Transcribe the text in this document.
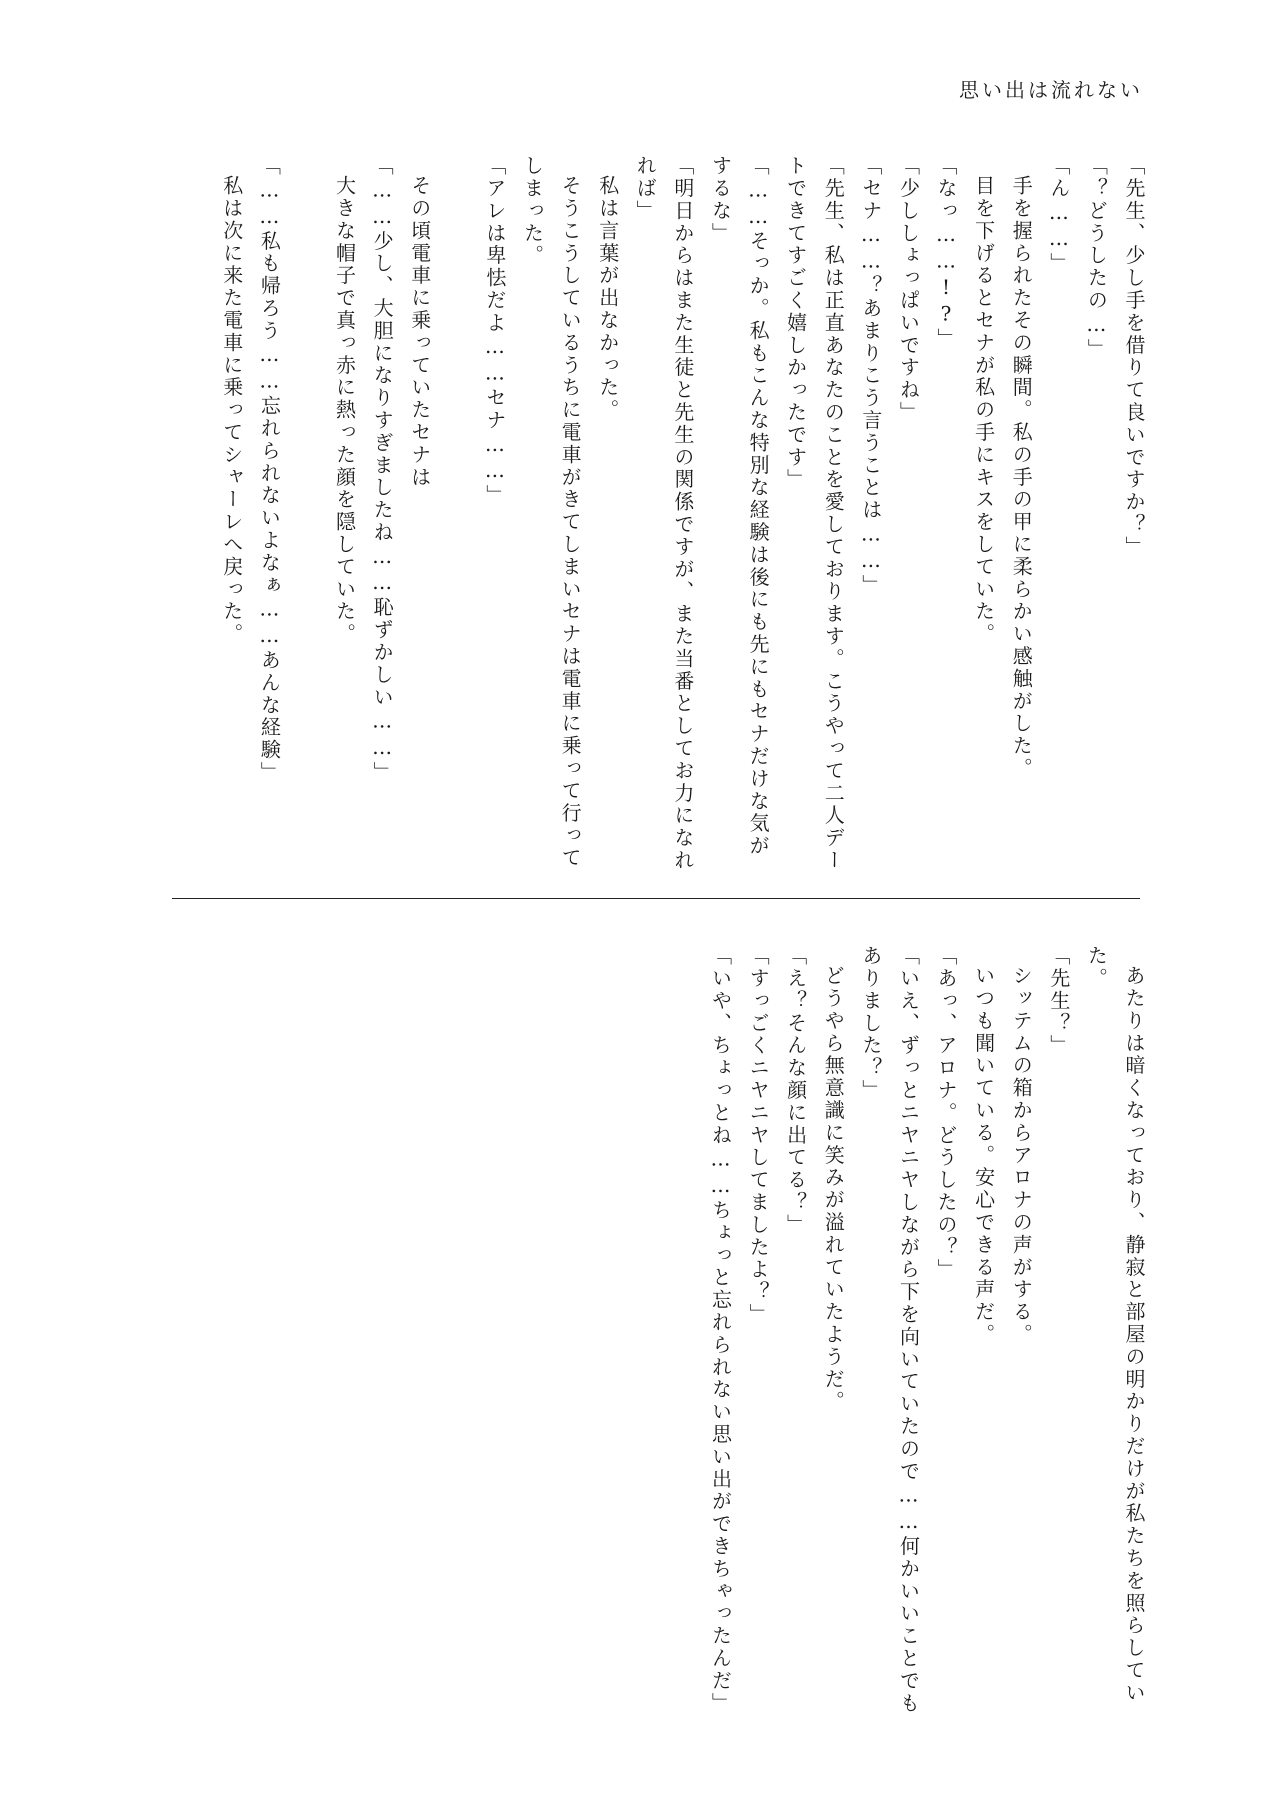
思い出は流れない

「先生、少し手を借りて良いですか？」

「？どうしたの…」

「ん……」

手を握られたその瞬間。私の手の甲に柔らかい感触がした。

目を下げるとセナが私の手にキスをしていた。

「なっ……!?」

「少ししょっぱいですね」

「セナ……？あまりこう言うことは……」

「先生、私は正直あなたのことを愛しております。こうやって二人デートできてすごく嬉しかったです」

「……そっか。私もこんな特別な経験は後にも先にもセナだけな気がするな」

「明日からはまた生徒と先生の関係ですが、また当番としてお力になれれば」

私は言葉が出なかった。

そうこうしているうちに電車がきてしまいセナは電車に乗って行ってしまった。

「アレは卑怯だよ……セナ……」

その頃電車に乗っていたセナは

「……少し、大胆になりすぎましたね……恥ずかしい……」

大きな帽子で真っ赤に熱った顔を隠していた。

「……私も帰ろう……忘れられないよなぁ……あんな経験」

私は次に来た電車に乗ってシャーレへ戻った。

あたりは暗くなっており、静寂と部屋の明かりだけが私たちを照らしていた。

「先生？」

シッテムの箱からアロナの声がする。

いつも聞いている。安心できる声だ。

「あっ、アロナ。どうしたの？」

「いえ、ずっとニヤニヤしながら下を向いていたので……何かいいことでもありました？」

どうやら無意識に笑みが溢れていたようだ。

「え？そんな顔に出てる？」

「すっごくニヤニヤしてましたよ？」

「いや、ちょっとね……ちょっと忘れられない思い出ができちゃったんだ」
